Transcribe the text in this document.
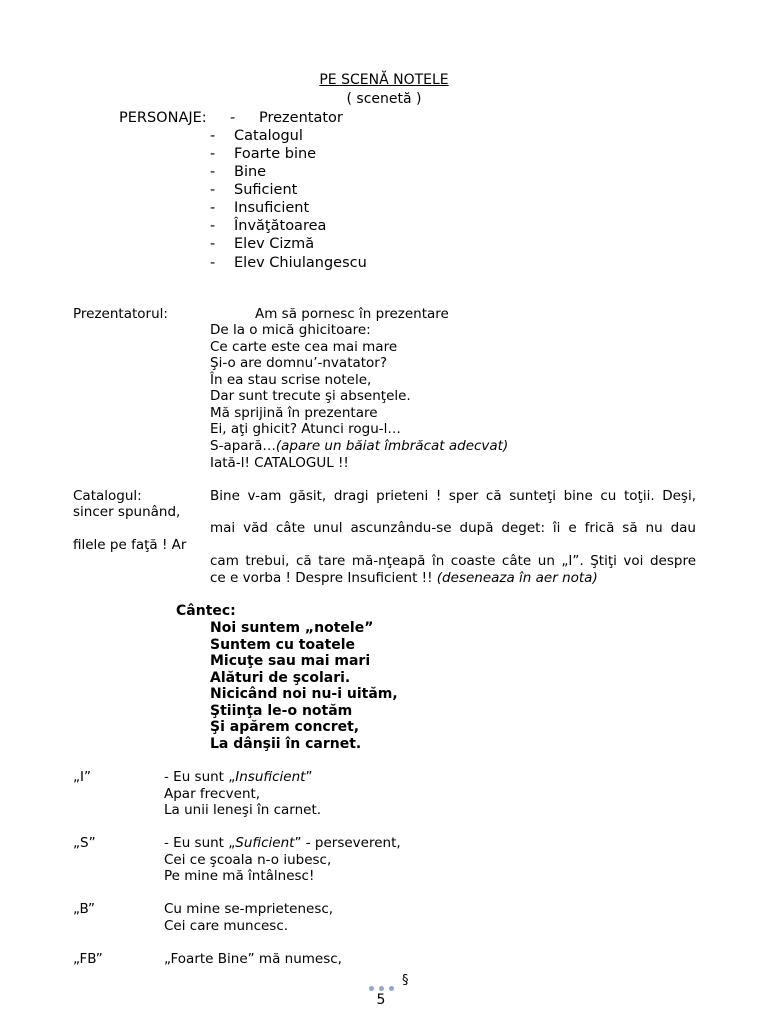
PE SCENĂ NOTELE
( scenetă )
PERSONAJE: - Prezentator
- Catalogul
- Foarte bine
- Bine
- Suficient
- Insuficient
- Învăţătoarea
- Elev Cizmă
- Elev Chiulangescu
Prezentatorul:	Am să pornesc în prezentare
De la o mică ghicitoare:
Ce carte este cea mai mare
Şi-o are domnu’-nvatator?
În ea stau scrise notele,
Dar sunt trecute şi absenţele.
Mă sprijină în prezentare
Ei, aţi ghicit? Atunci rogu-l…
S-apară…(apare un băiat îmbrăcat adecvat)
Iată-l! CATALOGUL !!
Catalogul:	Bine v-am găsit, dragi prieteni ! sper că sunteţi bine cu toţii. Deşi,
sincer spunând,
mai văd câte unul ascunzându-se după deget: îi e frică să nu dau
filele pe faţă ! Ar
cam trebui, că tare mă-nţeapă în coaste câte un „I”. Ştiţi voi despre
ce e vorba ! Despre Insuficient !! (deseneaza în aer nota)
Cântec:
Noi suntem „notele”
Suntem cu toatele
Micuţe sau mai mari
Alături de şcolari.
Nicicând noi nu-i uităm,
Ştiinţa le-o notăm
Şi apărem concret,
La dânşii în carnet.
„I”	- Eu sunt „Insuficient”
Apar frecvent,
La unii leneşi în carnet.
„S”	- Eu sunt „Suficient” - perseverent,
Cei ce şcoala n-o iubesc,
Pe mine mă întâlnesc!
„B”	Cu mine se-mprietenesc,
Cei care muncesc.
„FB”	„Foarte Bine” mă numesc,
§
5
